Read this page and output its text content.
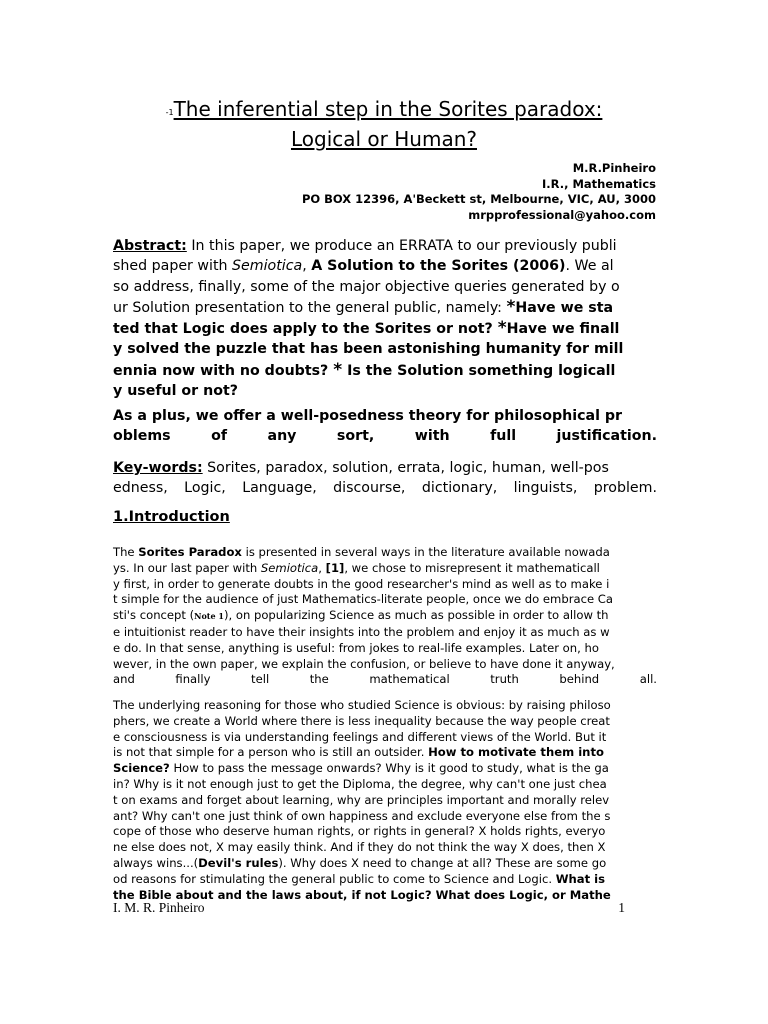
-1The inferential step in the Sorites paradox:
Logical or Human?
M.R.Pinheiro
I.R., Mathematics
PO BOX 12396, A'Beckett st, Melbourne, VIC, AU, 3000
mrpprofessional@yahoo.com
Abstract: In this paper, we produce an ERRATA to our previously publi
shed paper with Semiotica, A Solution to the Sorites (2006). We al
so address, finally, some of the major objective queries generated by o
ur Solution presentation to the general public, namely: *Have we sta
ted that Logic does apply to the Sorites or not? *Have we finall
y solved the puzzle that has been astonishing humanity for mill
ennia now with no doubts? * Is the Solution something logicall
y useful or not?
As a plus, we offer a well-posedness theory for philosophical pr

oblems of any sort, with full justification.
Key-words: Sorites, paradox, solution, errata, logic, human, well-pos

edness, Logic, Language, discourse, dictionary, linguists, problem.
1.Introduction
The Sorites Paradox is presented in several ways in the literature available nowada
ys. In our last paper with Semiotica, [1], we chose to misrepresent it mathematicall
y first, in order to generate doubts in the good researcher's mind as well as to make i
t simple for the audience of just Mathematics-literate people, once we do embrace Ca
sti's concept (Note 1), on popularizing Science as much as possible in order to allow th
e intuitionist reader to have their insights into the problem and enjoy it as much as w
e do. In that sense, anything is useful: from jokes to real-life examples. Later on, ho
wever, in the own paper, we explain the confusion, or believe to have done it anyway,

and finally tell the mathematical truth behind all.
The underlying reasoning for those who studied Science is obvious: by raising philoso
phers, we create a World where there is less inequality because the way people creat
e consciousness is via understanding feelings and different views of the World. But it
is not that simple for a person who is still an outsider. How to motivate them into
Science? How to pass the message onwards? Why is it good to study, what is the ga
in? Why is it not enough just to get the Diploma, the degree, why can't one just chea
t on exams and forget about learning, why are principles important and morally relev
ant? Why can't one just think of own happiness and exclude everyone else from the s
cope of those who deserve human rights, or rights in general? X holds rights, everyo
ne else does not, X may easily think. And if they do not think the way X does, then X
always wins...(Devil's rules). Why does X need to change at all? These are some go
od reasons for stimulating the general public to come to Science and Logic. What is
the Bible about and the laws about, if not Logic? What does Logic, or Mathe
I. M. R. Pinheiro	1
